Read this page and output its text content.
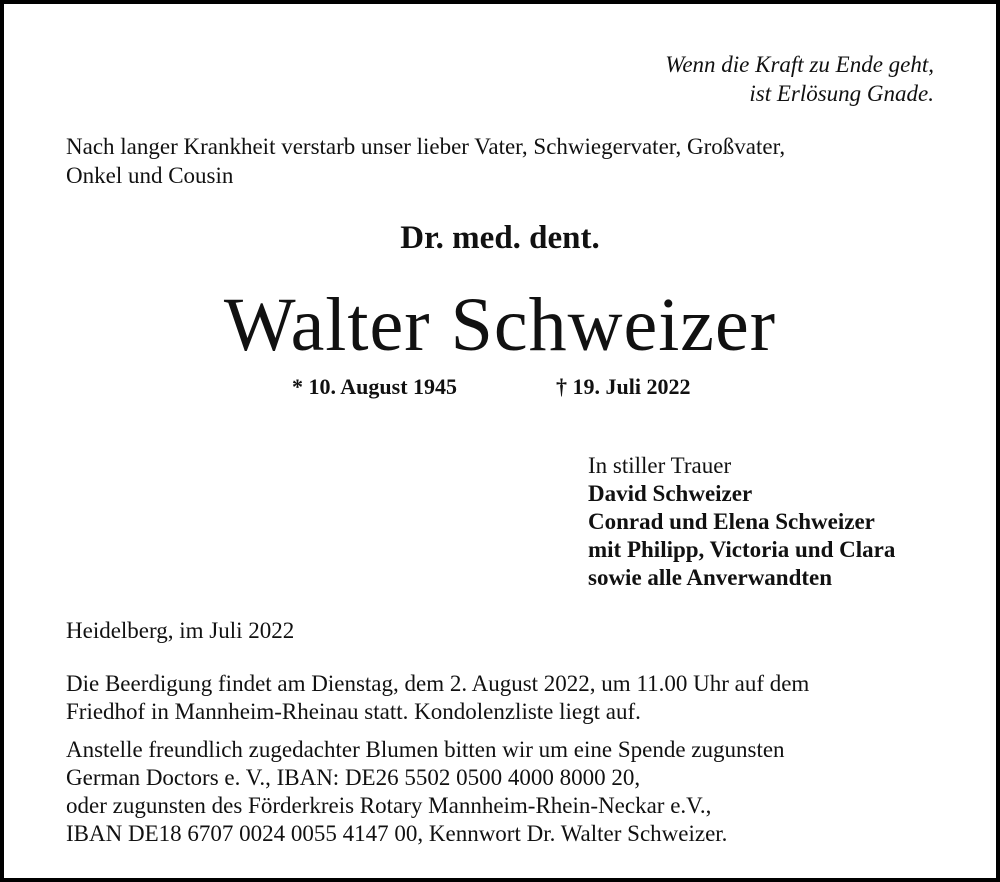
Wenn die Kraft zu Ende geht,
ist Erlösung Gnade.
Nach langer Krankheit verstarb unser lieber Vater, Schwiegervater, Großvater,
Onkel und Cousin
Dr. med. dent.
Walter Schweizer
* 10. August 1945	† 19. Juli 2022
In stiller Trauer
David Schweizer
Conrad und Elena Schweizer
mit Philipp, Victoria und Clara
sowie alle Anverwandten
Heidelberg, im Juli 2022
Die Beerdigung findet am Dienstag, dem 2. August 2022, um 11.00 Uhr auf dem
Friedhof in Mannheim-Rheinau statt. Kondolenzliste liegt auf.
Anstelle freundlich zugedachter Blumen bitten wir um eine Spende zugunsten
German Doctors e. V., IBAN: DE26 5502 0500 4000 8000 20,
oder zugunsten des Förderkreis Rotary Mannheim-Rhein-Neckar e.V.,
IBAN DE18 6707 0024 0055 4147 00, Kennwort Dr. Walter Schweizer.
